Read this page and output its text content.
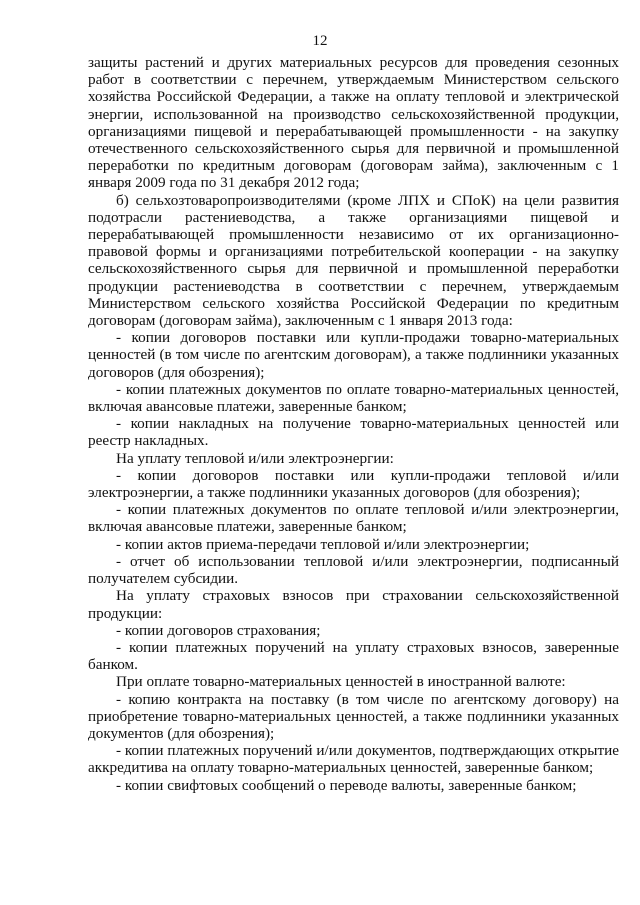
12

защиты растений и других материальных ресурсов для проведения сезонных работ в соответствии с перечнем, утверждаемым Министерством сельского хозяйства Российской Федерации, а также на оплату тепловой и электрической энергии, использованной на производство сельскохозяйственной продукции, организациями пищевой и перерабатывающей промышленности - на закупку отечественного сельскохозяйственного сырья для первичной и промышленной переработки по кредитным договорам (договорам займа), заключенным с 1 января 2009 года по 31 декабря 2012 года;

б) сельхозтоваропроизводителями (кроме ЛПХ и СПоК) на цели развития подотрасли растениеводства, а также организациями пищевой и перерабатывающей промышленности независимо от их организационно-правовой формы и организациями потребительской кооперации - на закупку сельскохозяйственного сырья для первичной и промышленной переработки продукции растениеводства в соответствии с перечнем, утверждаемым Министерством сельского хозяйства Российской Федерации по кредитным договорам (договорам займа), заключенным с 1 января 2013 года:

- копии договоров поставки или купли-продажи товарно-материальных ценностей (в том числе по агентским договорам), а также подлинники указанных договоров (для обозрения);

- копии платежных документов по оплате товарно-материальных ценностей, включая авансовые платежи, заверенные банком;

- копии накладных на получение товарно-материальных ценностей или реестр накладных.

На уплату тепловой и/или электроэнергии:

- копии договоров поставки или купли-продажи тепловой и/или электроэнергии, а также подлинники указанных договоров (для обозрения);

- копии платежных документов по оплате тепловой и/или электроэнергии, включая авансовые платежи, заверенные банком;

- копии актов приема-передачи тепловой и/или электроэнергии;

- отчет об использовании тепловой и/или электроэнергии, подписанный получателем субсидии.

На уплату страховых взносов при страховании сельскохозяйственной продукции:

- копии договоров страхования;

- копии платежных поручений на уплату страховых взносов, заверенные банком.

При оплате товарно-материальных ценностей в иностранной валюте:

- копию контракта на поставку (в том числе по агентскому договору) на приобретение товарно-материальных ценностей, а также подлинники указанных документов (для обозрения);

- копии платежных поручений и/или документов, подтверждающих открытие аккредитива на оплату товарно-материальных ценностей, заверенные банком;

- копии свифтовых сообщений о переводе валюты, заверенные банком;
